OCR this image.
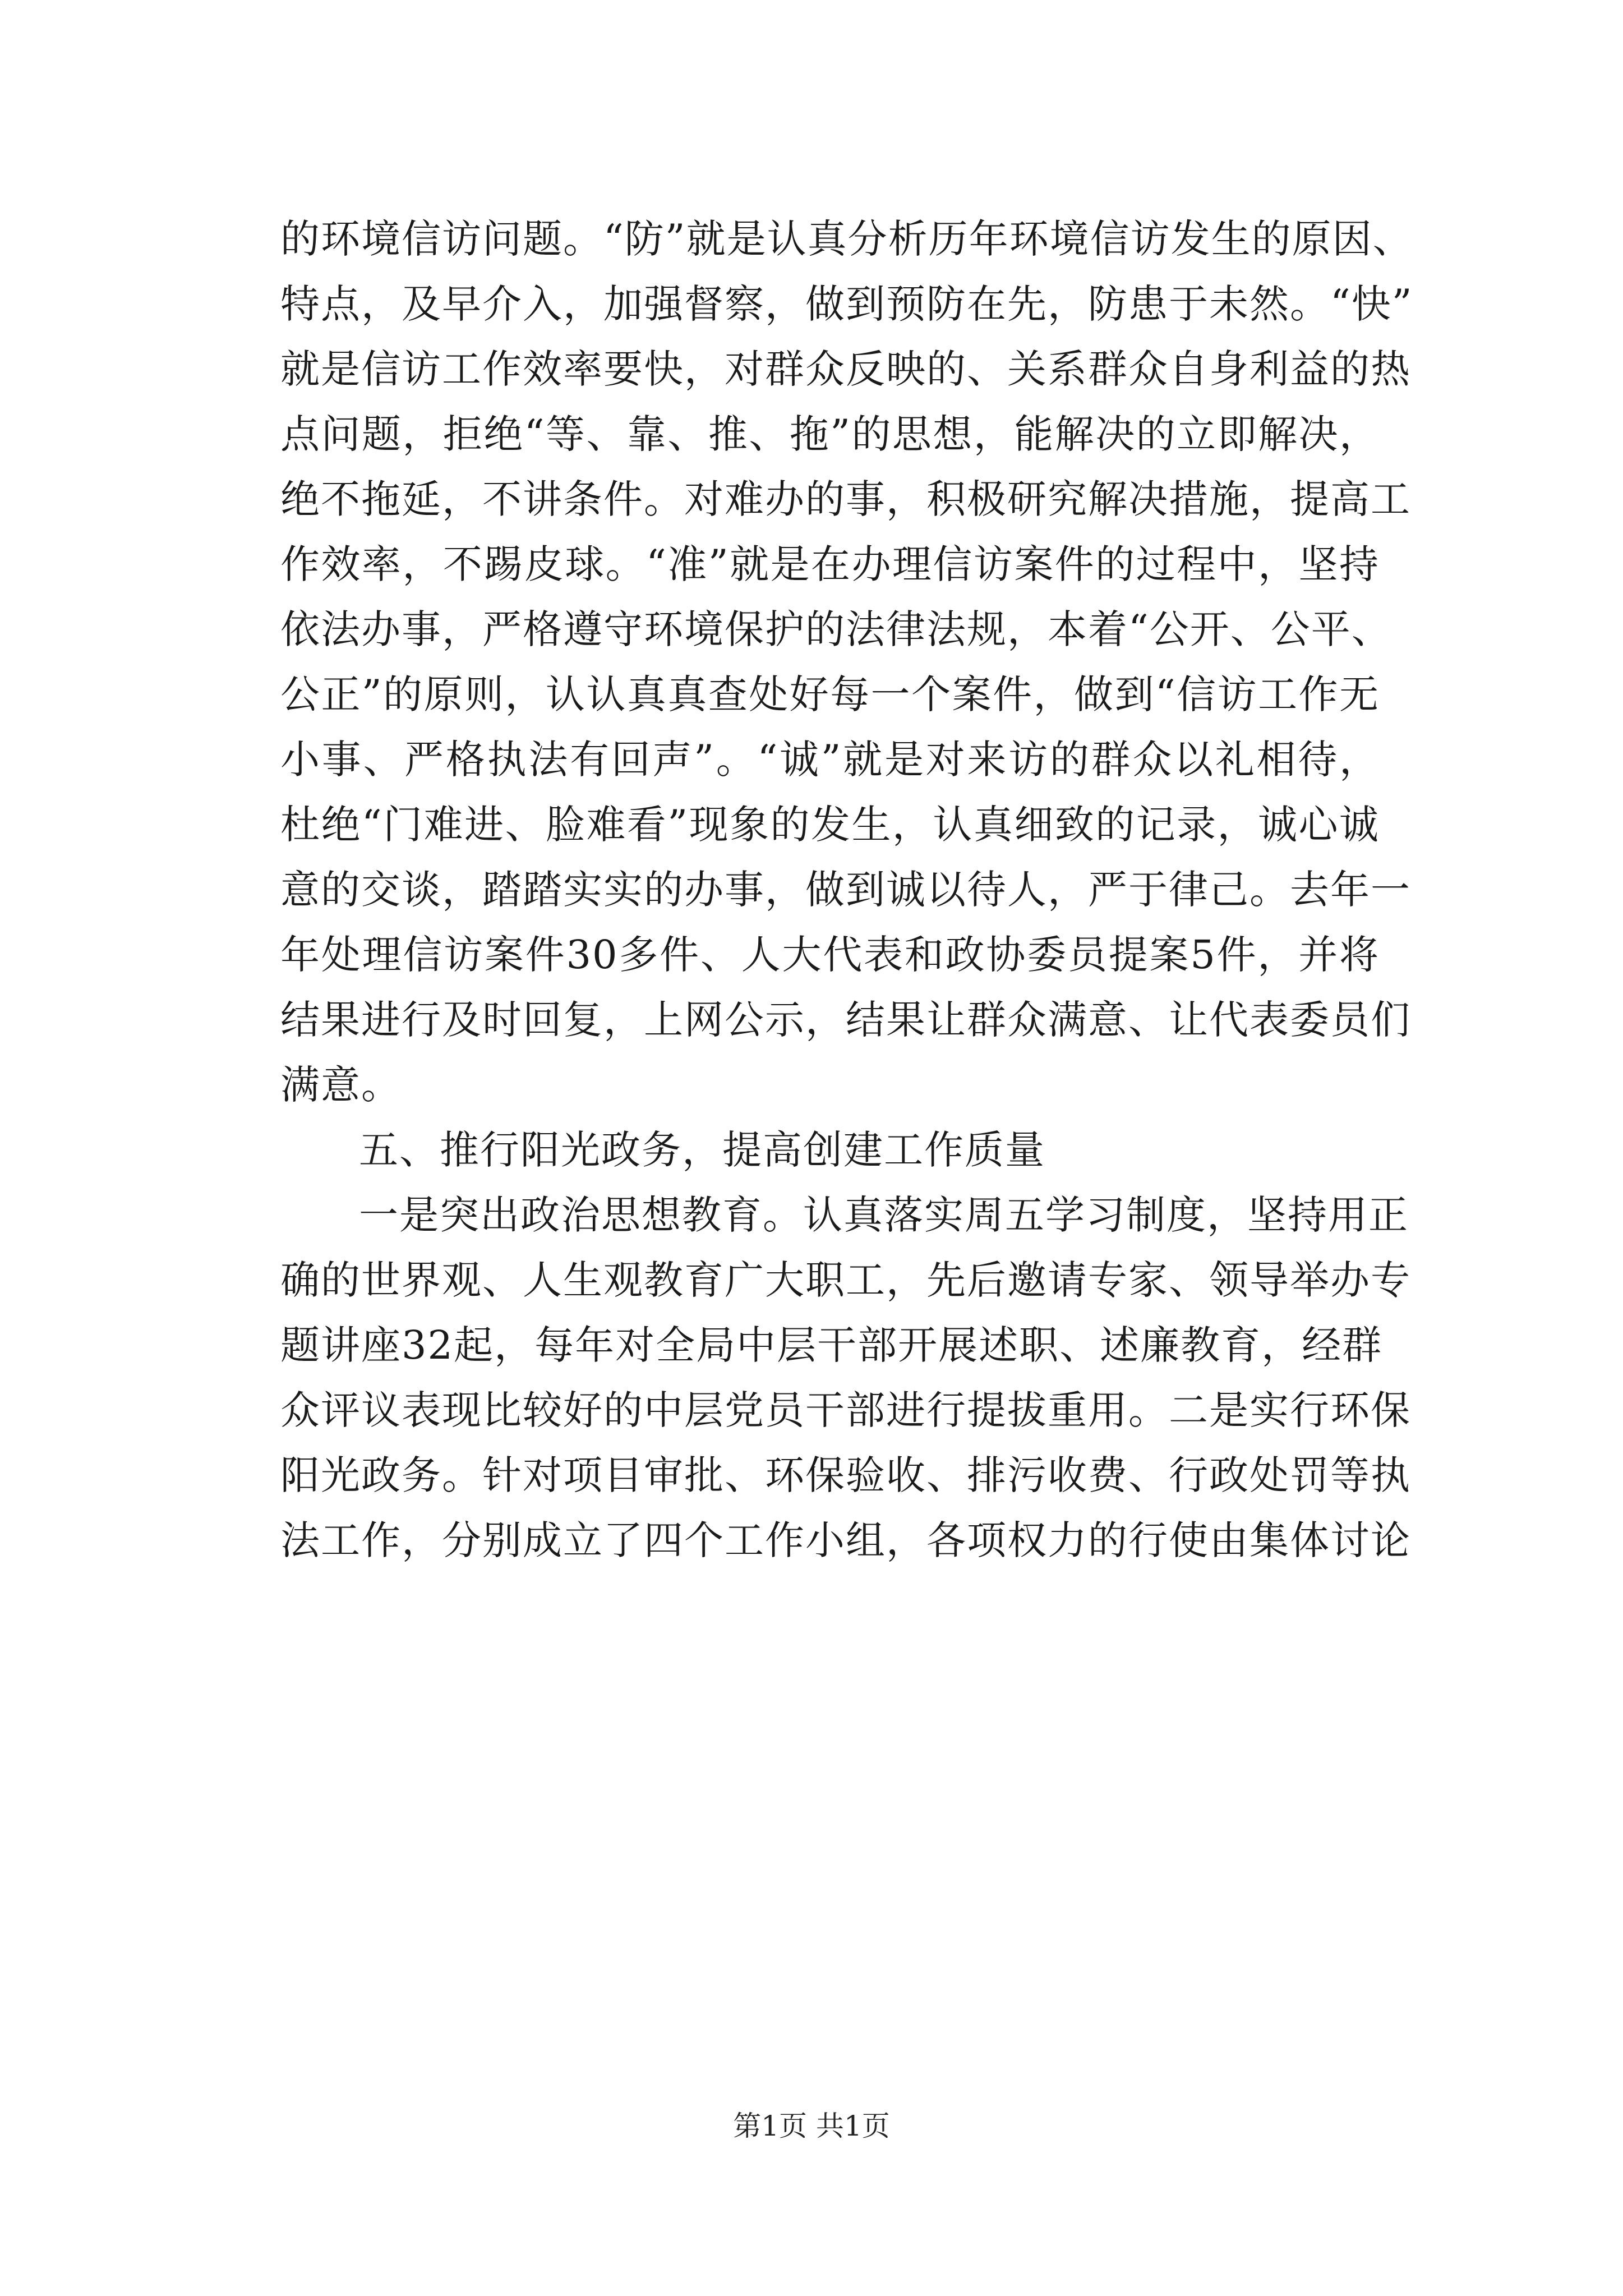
的环境信访问题。“防”就是认真分析历年环境信访发生的原因、
特点，及早介入，加强督察，做到预防在先，防患于未然。“快”
就是信访工作效率要快，对群众反映的、关系群众自身利益的热
点问题，拒绝“等、靠、推、拖”的思想，能解决的立即解决，
绝不拖延，不讲条件。对难办的事，积极研究解决措施，提高工
作效率，不踢皮球。“准”就是在办理信访案件的过程中，坚持
依法办事，严格遵守环境保护的法律法规，本着“公开、公平、
公正”的原则，认认真真查处好每一个案件，做到“信访工作无
小事、严格执法有回声”。“诚”就是对来访的群众以礼相待，
杜绝“门难进、脸难看”现象的发生，认真细致的记录，诚心诚
意的交谈，踏踏实实的办事，做到诚以待人，严于律己。去年一
年处理信访案件30多件、人大代表和政协委员提案5件，并将
结果进行及时回复，上网公示，结果让群众满意、让代表委员们
满意。
五、推行阳光政务，提高创建工作质量
一是突出政治思想教育。认真落实周五学习制度，坚持用正
确的世界观、人生观教育广大职工，先后邀请专家、领导举办专
题讲座32起，每年对全局中层干部开展述职、述廉教育，经群
众评议表现比较好的中层党员干部进行提拔重用。二是实行环保
阳光政务。针对项目审批、环保验收、排污收费、行政处罚等执
法工作，分别成立了四个工作小组，各项权力的行使由集体讨论
第1页 共1页
